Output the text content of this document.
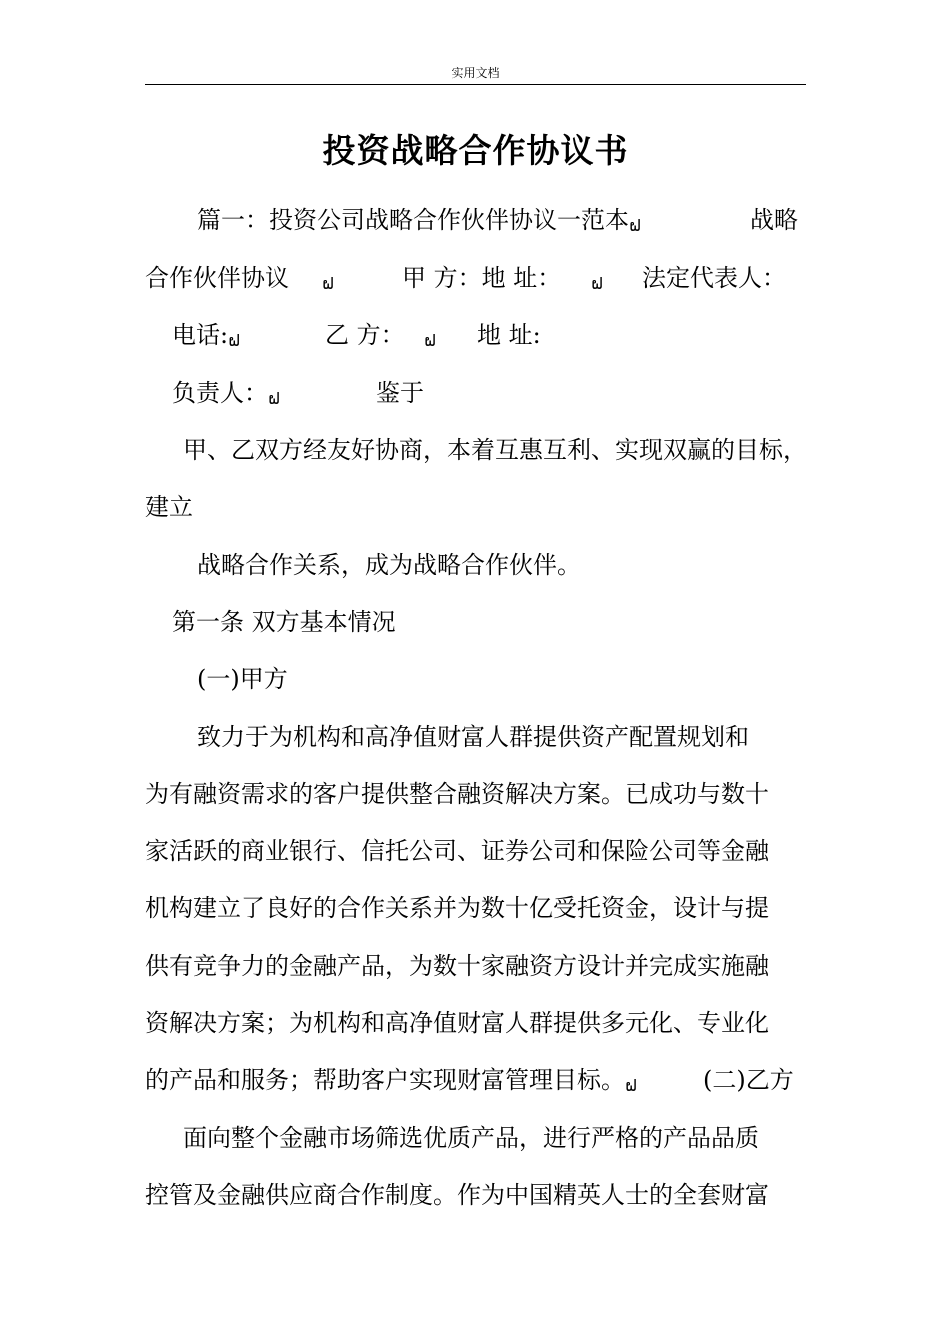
实用文档
投资战略合作协议书
篇一：投资公司战略合作伙伴协议一范本ຝ	战略
合作伙伴协议 ຝ	甲 方：地 址： ຝ 法定代表人：
电话:ຝ	乙 方： ຝ 地 址:
负责人：ຝ	鉴于
甲、乙双方经友好协商，本着互惠互利、实现双赢的目标，
建立
战略合作关系，成为战略合作伙伴。
第一条 双方基本情况
(一)甲方
致力于为机构和高净值财富人群提供资产配置规划和
为有融资需求的客户提供整合融资解决方案。已成功与数十
家活跃的商业银行、信托公司、证券公司和保险公司等金融
机构建立了良好的合作关系并为数十亿受托资金，设计与提
供有竞争力的金融产品，为数十家融资方设计并完成实施融
资解决方案；为机构和高净值财富人群提供多元化、专业化
的产品和服务；帮助客户实现财富管理目标。ຝ	(二)乙方
面向整个金融市场筛选优质产品，进行严格的产品品质
控管及金融供应商合作制度。作为中国精英人士的全套财富
